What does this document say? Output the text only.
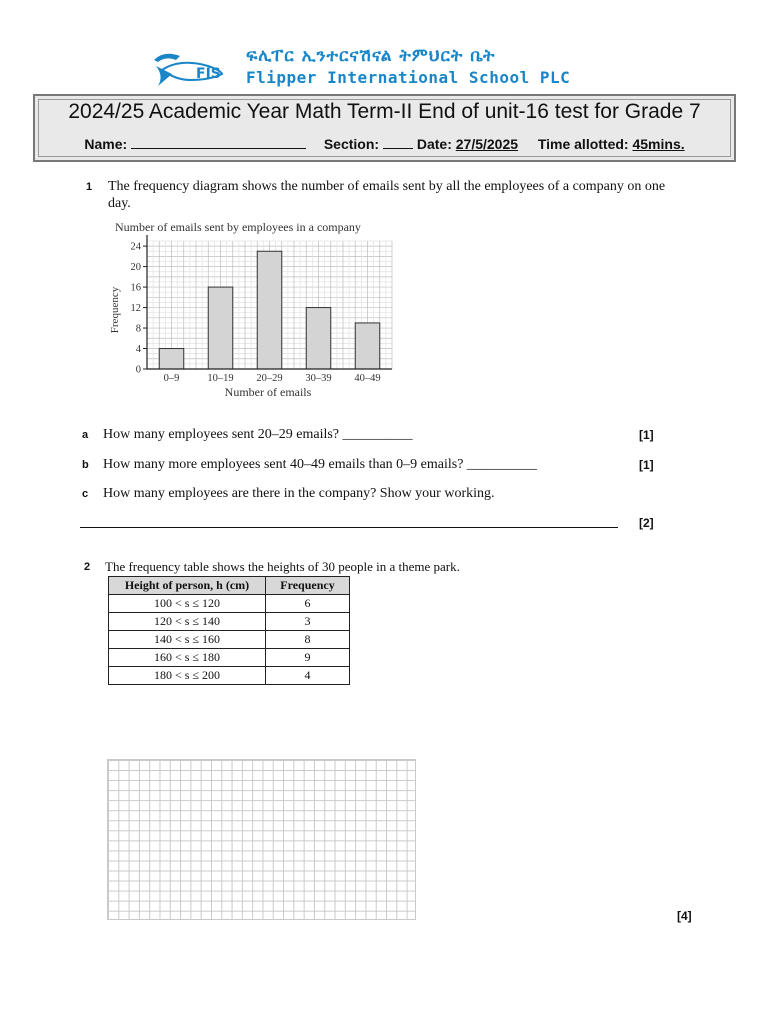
FIS
ፍሊፐር ኢንተርናሽናል ትምህርት ቤት
Flipper International School PLC
2024/25 Academic Year Math Term-II End of unit-16 test for Grade 7
Name:	Section:	Date: 27/5/2025 Time allotted: 45mins.
1 The frequency diagram shows the number of emails sent by all the employees of a company on one day.
Number of emails sent by employees in a company
0–9	10–19 20–29 30–39 40–49
0
4
8
12
16
20
24
Number of emails
Frequency
a How many employees sent 20–29 emails? __________	[1]
b How many more employees sent 40–49 emails than 0–9 emails? __________	[1]
c How many employees are there in the company? Show your working.
[2]
2 The frequency table shows the heights of 30 people in a theme park.
Height of person, h (cm)	Frequency
100 < s ≤ 120	6
120 < s ≤ 140	3
140 < s ≤ 160	8
160 < s ≤ 180	9
180 < s ≤ 200	4
[4]
